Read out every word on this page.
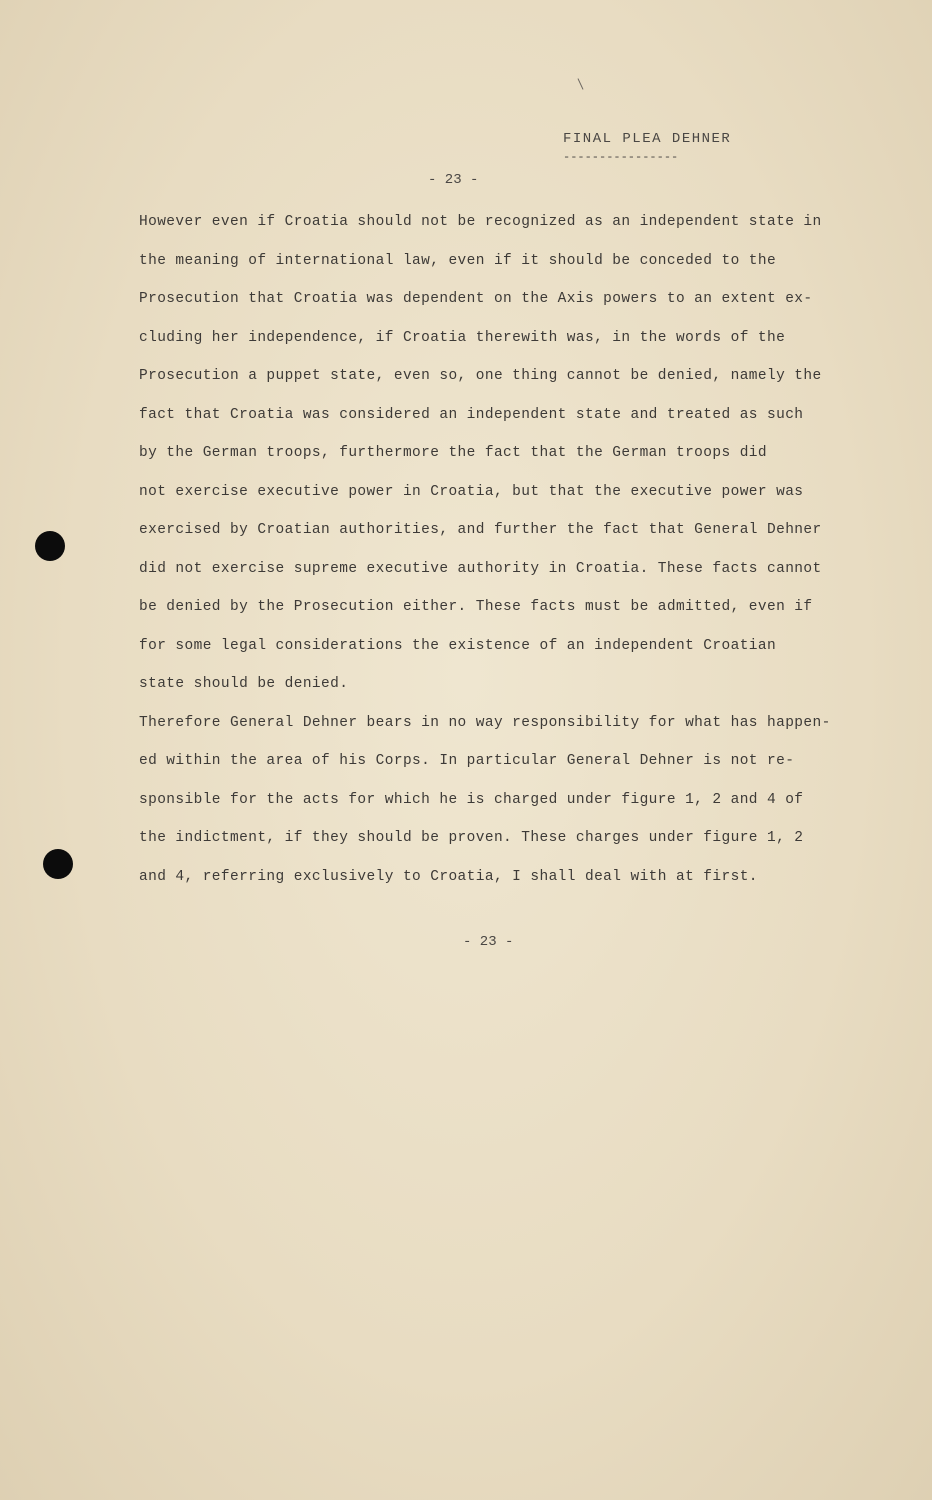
FINAL PLEA DEHNER
----------------
- 23 -
However even if Croatia should not be recognized as an independent state in
the meaning of international law, even if it should be conceded to the
Prosecution that Croatia was dependent on the Axis powers to an extent ex-
cluding her independence, if Croatia therewith was, in the words of the
Prosecution a puppet state, even so, one thing cannot be denied, namely the
fact that Croatia was considered an independent state and treated as such
by the German troops, furthermore the fact that the German troops did
not exercise executive power in Croatia, but that the executive power was
exercised by Croatian authorities, and further the fact that General Dehner
did not exercise supreme executive authority in Croatia. These facts cannot
be denied by the Prosecution either. These facts must be admitted, even if
for some legal considerations the existence of an independent Croatian
state should be denied.
Therefore General Dehner bears in no way responsibility for what has happen-
ed within the area of his Corps. In particular General Dehner is not re-
sponsible for the acts for which he is charged under figure 1, 2 and 4 of
the indictment, if they should be proven. These charges under figure 1, 2
and 4, referring exclusively to Croatia, I shall deal with at first.
- 23 -
